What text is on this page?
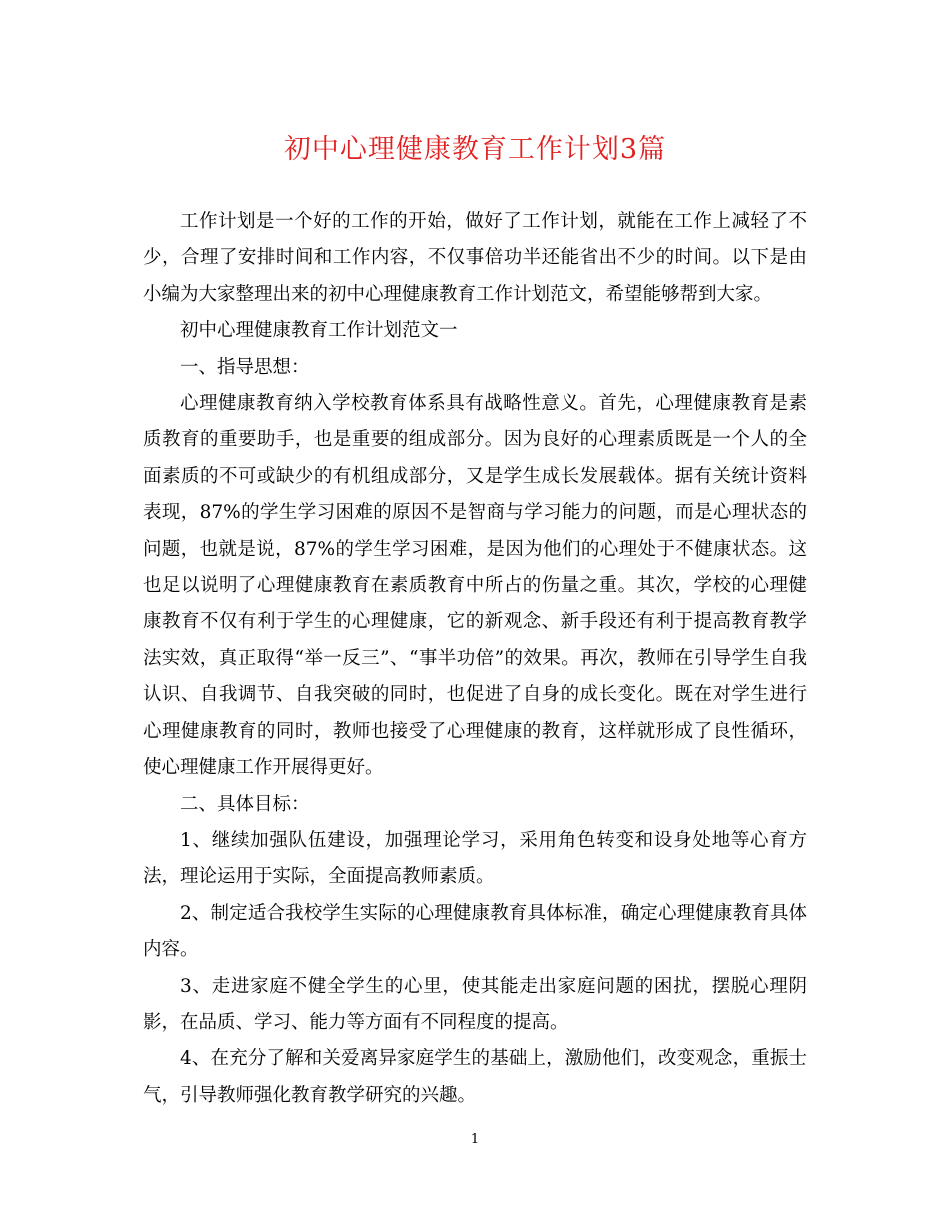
初中心理健康教育工作计划3篇

工作计划是一个好的工作的开始，做好了工作计划，就能在工作上减轻了不少，合理了安排时间和工作内容，不仅事倍功半还能省出不少的时间。以下是由小编为大家整理出来的初中心理健康教育工作计划范文，希望能够帮到大家。

初中心理健康教育工作计划范文一

一、指导思想：

心理健康教育纳入学校教育体系具有战略性意义。首先，心理健康教育是素质教育的重要助手，也是重要的组成部分。因为良好的心理素质既是一个人的全面素质的不可或缺少的有机组成部分，又是学生成长发展载体。据有关统计资料表现，87%的学生学习困难的原因不是智商与学习能力的问题，而是心理状态的问题，也就是说，87%的学生学习困难，是因为他们的心理处于不健康状态。这也足以说明了心理健康教育在素质教育中所占的伤量之重。其次，学校的心理健康教育不仅有利于学生的心理健康，它的新观念、新手段还有利于提高教育教学法实效，真正取得“举一反三”、“事半功倍”的效果。再次，教师在引导学生自我认识、自我调节、自我突破的同时，也促进了自身的成长变化。既在对学生进行心理健康教育的同时，教师也接受了心理健康的教育，这样就形成了良性循环，使心理健康工作开展得更好。

二、具体目标：

1、继续加强队伍建设，加强理论学习，采用角色转变和设身处地等心育方法，理论运用于实际，全面提高教师素质。

2、制定适合我校学生实际的心理健康教育具体标准，确定心理健康教育具体内容。

3、走进家庭不健全学生的心里，使其能走出家庭问题的困扰，摆脱心理阴影，在品质、学习、能力等方面有不同程度的提高。

4、在充分了解和关爱离异家庭学生的基础上，激励他们，改变观念，重振士气，引导教师强化教育教学研究的兴趣。

1
